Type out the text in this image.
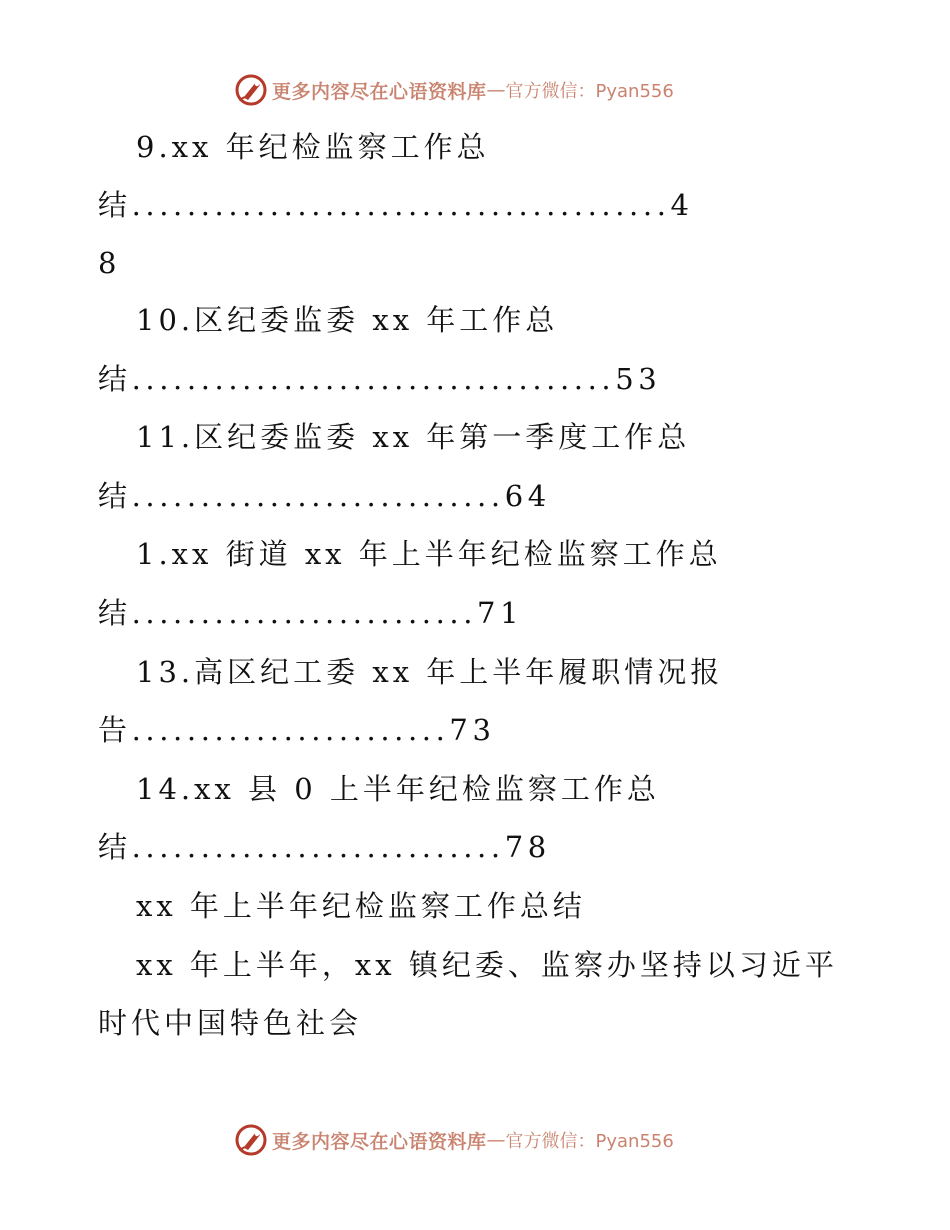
更多内容尽在心语资料库 — 官方微信：Pyan556
9.xx 年纪检监察工作总
结.......................................4
8
10.区纪委监委 xx 年工作总
结...................................53
11.区纪委监委 xx 年第一季度工作总
结...........................64
1.xx 街道 xx 年上半年纪检监察工作总
结.........................71
13.高区纪工委 xx 年上半年履职情况报
告.......................73
14.xx 县 0 上半年纪检监察工作总
结...........................78
xx 年上半年纪检监察工作总结
xx 年上半年，xx 镇纪委、监察办坚持以习近平
时代中国特色社会
更多内容尽在心语资料库 — 官方微信：Pyan556
